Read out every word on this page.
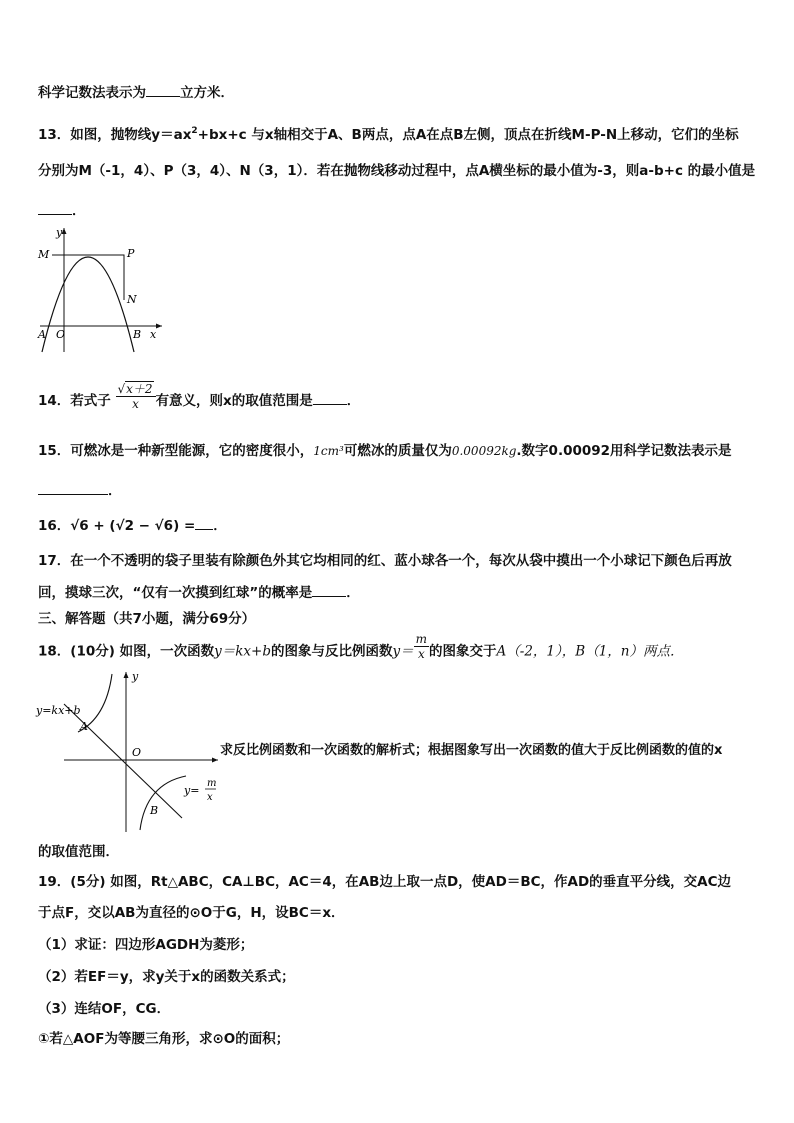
科学记数法表示为	立方米．
13．如图，抛物线$y=ax^2+bx+c$ 与x轴相交于A、B两点，点A在点B左侧，顶点在折线M-P-N上移动，它们的坐标
分别为M（-1，4）、P（3，4）、N（3，1）．若在抛物线移动过程中，点A横坐标的最小值为-3，则a-b+c 的最小值是
．
M	P
N
A O	B x
y
14．若式子 $\frac{√x+2}{x}$ 有意义，则x的取值范围是	．
15．可燃冰是一种新型能源，它的密度很小，1cm³可燃冰的质量仅为0.00092kg.数字0.00092用科学记数法表示是
．
16．√6 + (√2 − √6) = ．
17．在一个不透明的袋子里装有除颜色外其它均相同的红、蓝小球各一个，每次从袋中摸出一个小球记下颜色后再放
回，摸球三次，“仅有一次摸到红球”的概率是	．
三、解答题（共7小题，满分69分）
18．(10分) 如图，一次函数y＝kx+b的图象与反比例函数$y= \frac{m}{x}$ 的图象交于A（-2，1），B（1，n）两点．
y=kx+b
A
O
y
B
y=
m
x
求反比例函数和一次函数的解析式；根据图象写出一次函数的值大于反比例函数的值的x
的取值范围．
19．(5分) 如图，Rt△ABC，CA⊥BC，AC＝4，在AB边上取一点D，使AD＝BC，作AD的垂直平分线，交AC边
于点F，交以AB为直径的⊙O于G，H，设BC＝x．
（1）求证：四边形AGDH为菱形；
（2）若EF＝y，求y关于x的函数关系式；
（3）连结OF，CG．
①若△AOF为等腰三角形，求⊙O的面积；
